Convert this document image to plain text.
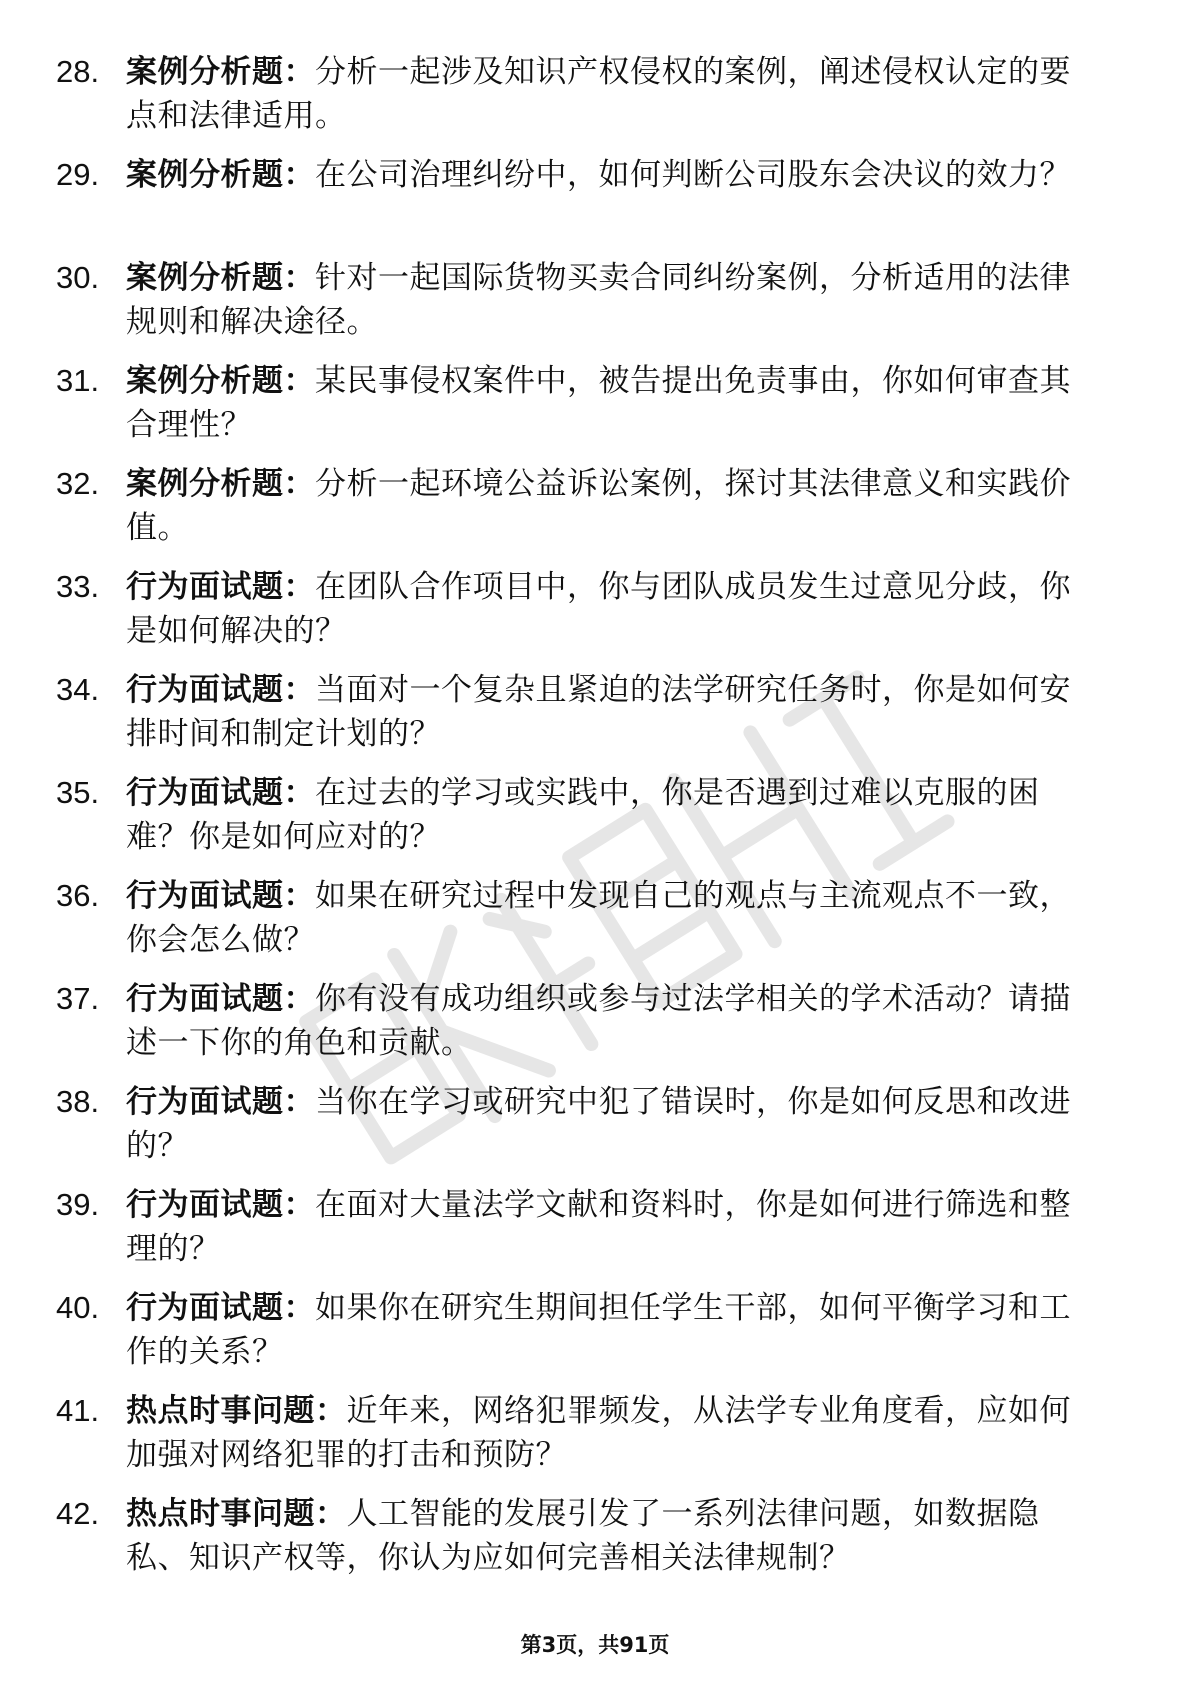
28. 案例分析题：分析一起涉及知识产权侵权的案例，阐述侵权认定的要点和法律适用。
29. 案例分析题：在公司治理纠纷中，如何判断公司股东会决议的效力？
30. 案例分析题：针对一起国际货物买卖合同纠纷案例，分析适用的法律规则和解决途径。
31. 案例分析题：某民事侵权案件中，被告提出免责事由，你如何审查其合理性？
32. 案例分析题：分析一起环境公益诉讼案例，探讨其法律意义和实践价值。
33. 行为面试题：在团队合作项目中，你与团队成员发生过意见分歧，你是如何解决的？
34. 行为面试题：当面对一个复杂且紧迫的法学研究任务时，你是如何安排时间和制定计划的？
35. 行为面试题：在过去的学习或实践中，你是否遇到过难以克服的困难？你是如何应对的？
36. 行为面试题：如果在研究过程中发现自己的观点与主流观点不一致，你会怎么做？
37. 行为面试题：你有没有成功组织或参与过法学相关的学术活动？请描述一下你的角色和贡献。
38. 行为面试题：当你在学习或研究中犯了错误时，你是如何反思和改进的？
39. 行为面试题：在面对大量法学文献和资料时，你是如何进行筛选和整理的？
40. 行为面试题：如果你在研究生期间担任学生干部，如何平衡学习和工作的关系？
41. 热点时事问题：近年来，网络犯罪频发，从法学专业角度看，应如何加强对网络犯罪的打击和预防？
42. 热点时事问题：人工智能的发展引发了一系列法律问题，如数据隐私、知识产权等，你认为应如何完善相关法律规制？
第3页，共91页
